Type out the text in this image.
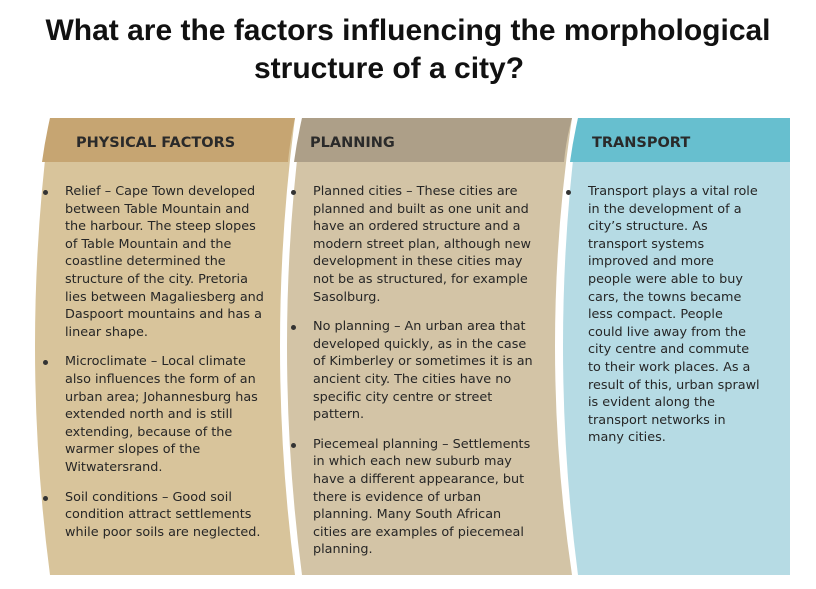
What are the factors influencing the morphological
structure of a city?
PHYSICAL FACTORS	PLANNING	TRANSPORT
Relief – Cape Town developed between Table Mountain and the harbour. The steep slopes of Table Mountain and the coastline determined the structure of the city. Pretoria lies between Magaliesberg and Daspoort mountains and has a linear shape.
Microclimate – Local climate also influences the form of an urban area; Johannesburg has extended north and is still extending, because of the warmer slopes of the Witwatersrand.
Soil conditions – Good soil condition attract settlements while poor soils are neglected.
Planned cities – These cities are planned and built as one unit and have an ordered structure and a modern street plan, although new development in these cities may not be as structured, for example Sasolburg.
No planning – An urban area that developed quickly, as in the case of Kimberley or sometimes it is an ancient city. The cities have no specific city centre or street pattern.
Piecemeal planning – Settlements in which each new suburb may have a different appearance, but there is evidence of urban planning. Many South African cities are examples of piecemeal planning.
Transport plays a vital role in the development of a city’s structure. As transport systems improved and more people were able to buy cars, the towns became less compact. People could live away from the city centre and commute to their work places. As a result of this, urban sprawl is evident along the transport networks in many cities.
